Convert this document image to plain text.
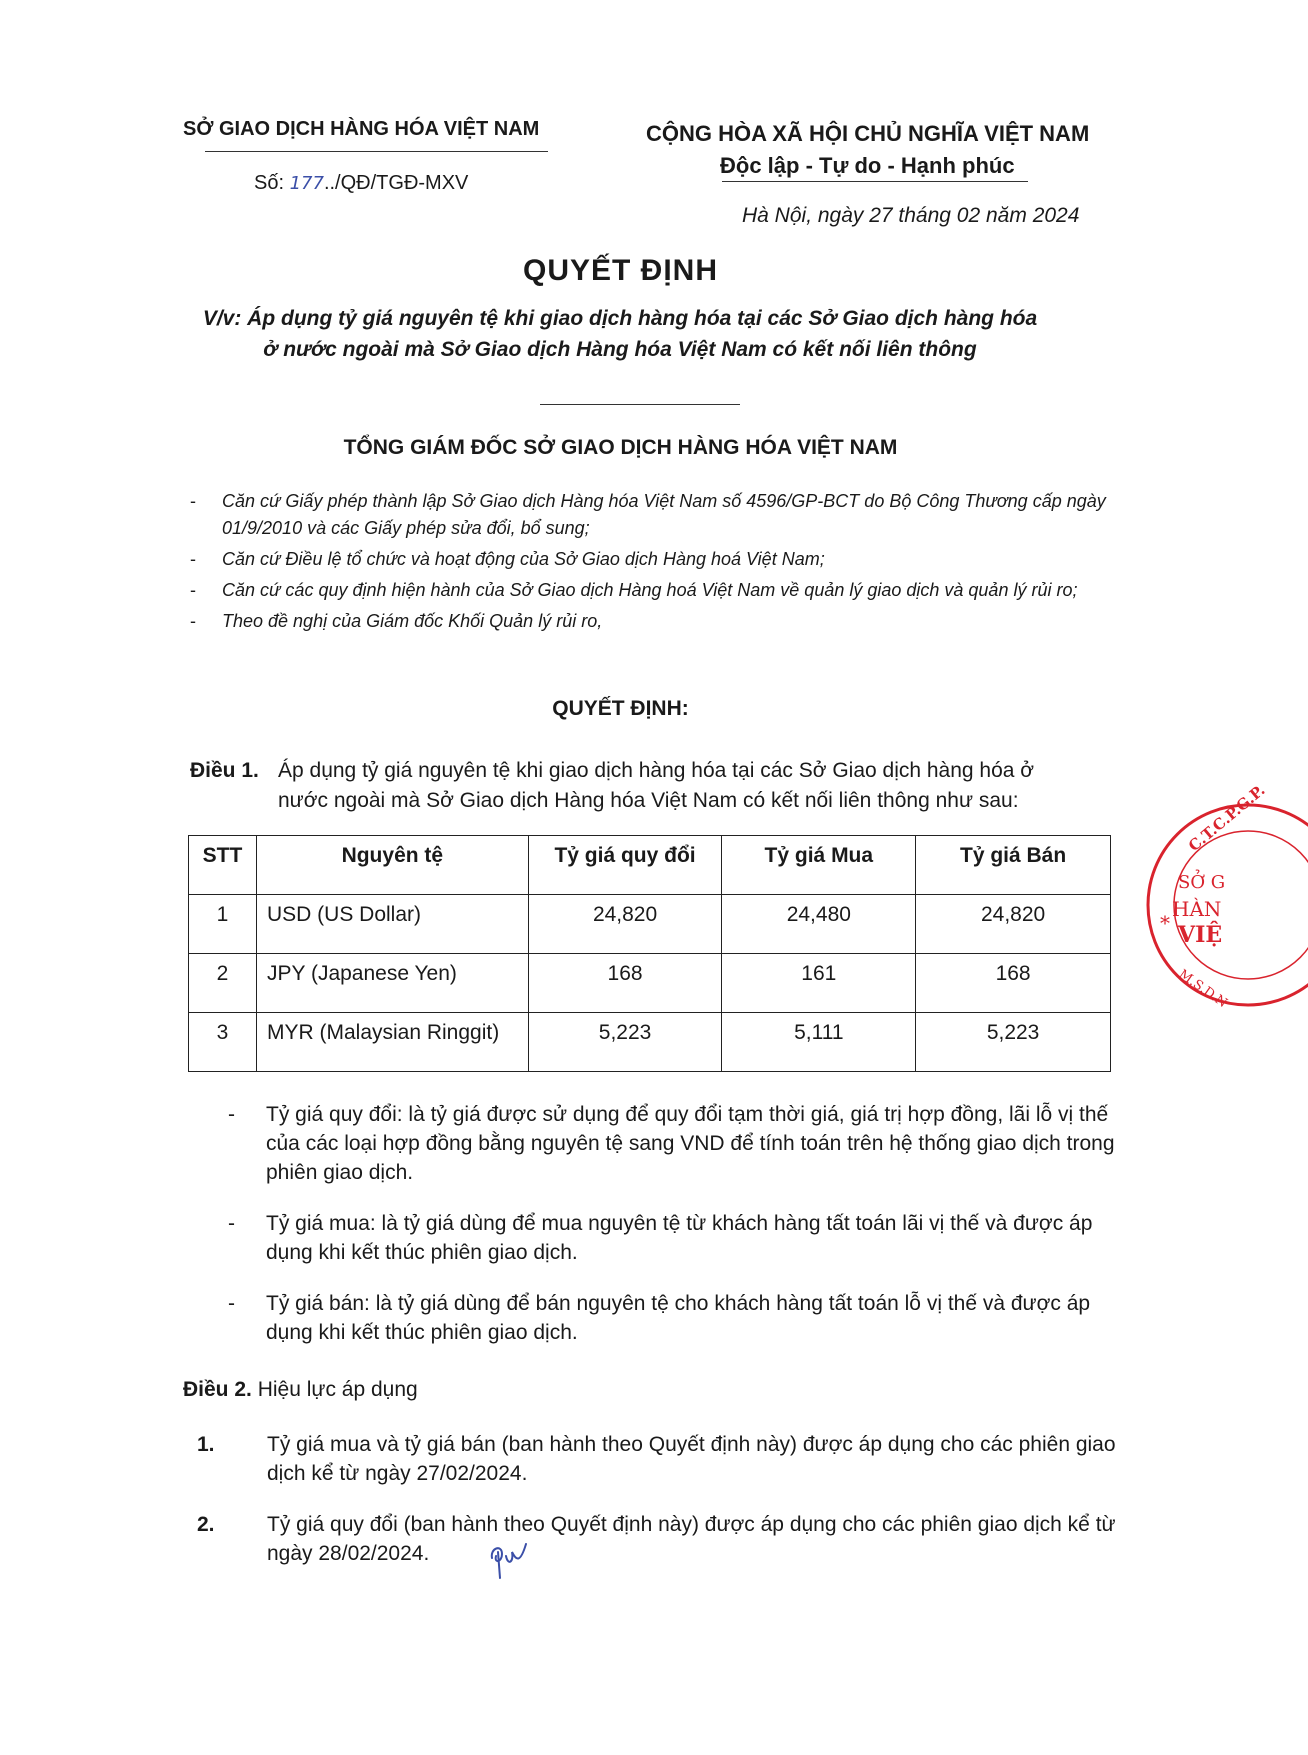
SỞ GIAO DỊCH HÀNG HÓA VIỆT NAM
Số: 177../QĐ/TGĐ-MXV
CỘNG HÒA XÃ HỘI CHỦ NGHĨA VIỆT NAM
Độc lập - Tự do - Hạnh phúc
Hà Nội, ngày 27 tháng 02 năm 2024
QUYẾT ĐỊNH
V/v: Áp dụng tỷ giá nguyên tệ khi giao dịch hàng hóa tại các Sở Giao dịch hàng hóa
ở nước ngoài mà Sở Giao dịch Hàng hóa Việt Nam có kết nối liên thông
TỔNG GIÁM ĐỐC SỞ GIAO DỊCH HÀNG HÓA VIỆT NAM
- Căn cứ Giấy phép thành lập Sở Giao dịch Hàng hóa Việt Nam số 4596/GP-BCT do Bộ Công Thương cấp ngày 01/9/2010 và các Giấy phép sửa đổi, bổ sung;
- Căn cứ Điều lệ tổ chức và hoạt động của Sở Giao dịch Hàng hoá Việt Nam;
- Căn cứ các quy định hiện hành của Sở Giao dịch Hàng hoá Việt Nam về quản lý giao dịch và quản lý rủi ro;
- Theo đề nghị của Giám đốc Khối Quản lý rủi ro,
QUYẾT ĐỊNH:
Điều 1. Áp dụng tỷ giá nguyên tệ khi giao dịch hàng hóa tại các Sở Giao dịch hàng hóa ở
nước ngoài mà Sở Giao dịch Hàng hóa Việt Nam có kết nối liên thông như sau:
STT	Nguyên tệ	Tỷ giá quy đổi	Tỷ giá Mua	Tỷ giá Bán
1	USD (US Dollar)	24,820	24,480	24,820
2	JPY (Japanese Yen)	168	161	168
3	MYR (Malaysian Ringgit)	5,223	5,111	5,223
- Tỷ giá quy đổi: là tỷ giá được sử dụng để quy đổi tạm thời giá, giá trị hợp đồng, lãi lỗ vị thế của các loại hợp đồng bằng nguyên tệ sang VND để tính toán trên hệ thống giao dịch trong phiên giao dịch.
- Tỷ giá mua: là tỷ giá dùng để mua nguyên tệ từ khách hàng tất toán lãi vị thế và được áp dụng khi kết thúc phiên giao dịch.
- Tỷ giá bán: là tỷ giá dùng để bán nguyên tệ cho khách hàng tất toán lỗ vị thế và được áp dụng khi kết thúc phiên giao dịch.
Điều 2. Hiệu lực áp dụng
1. Tỷ giá mua và tỷ giá bán (ban hành theo Quyết định này) được áp dụng cho các phiên giao dịch kể từ ngày 27/02/2024.
2. Tỷ giá quy đổi (ban hành theo Quyết định này) được áp dụng cho các phiên giao dịch kể từ ngày 28/02/2024.
C.T.C.P.G.P.
*
SỞ G
HÀN
VIỆ
M.S.D.N
